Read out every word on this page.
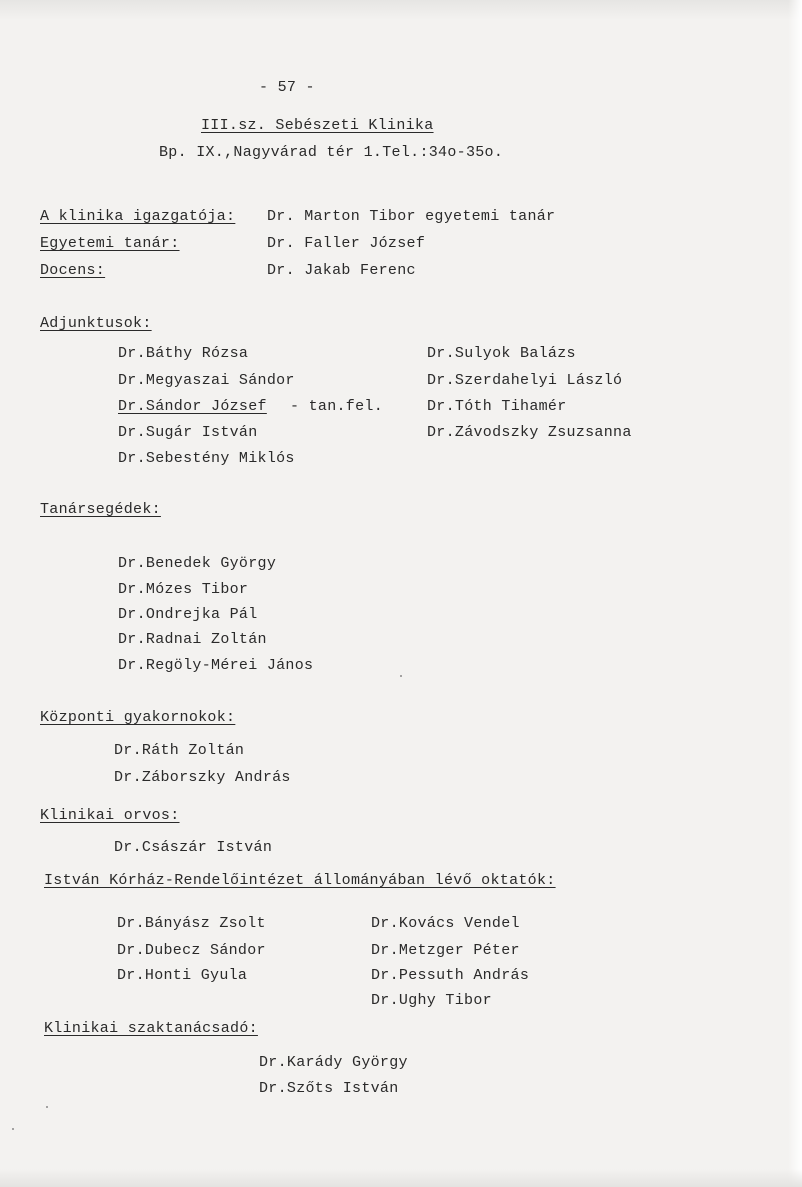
- 57 -
III.sz. Sebészeti Klinika
Bp. IX.,Nagyvárad tér 1.Tel.:34o-35o.
A klinika igazgatója: Dr. Marton Tibor egyetemi tanár
Egyetemi tanár:	Dr. Faller József
Docens:	Dr. Jakab Ferenc
Adjunktusok:
Dr.Báthy Rózsa
Dr.Megyaszai Sándor
Dr.Sándor József - tan.fel.
Dr.Sugár István
Dr.Sebestény Miklós
Dr.Sulyok Balázs
Dr.Szerdahelyi László
Dr.Tóth Tihamér
Dr.Závodszky Zsuzsanna
Tanársegédek:
Dr.Benedek György
Dr.Mózes Tibor
Dr.Ondrejka Pál
Dr.Radnai Zoltán
Dr.Regöly-Mérei János
Központi gyakornokok:
Dr.Ráth Zoltán
Dr.Záborszky András
Klinikai orvos:
Dr.Császár István
István Kórház-Rendelőintézet állományában lévő oktatók:
Dr.Bányász Zsolt
Dr.Dubecz Sándor
Dr.Honti Gyula
Dr.Kovács Vendel
Dr.Metzger Péter
Dr.Pessuth András
Dr.Ughy Tibor
Klinikai szaktanácsadó:
Dr.Karády György
Dr.Szőts István
